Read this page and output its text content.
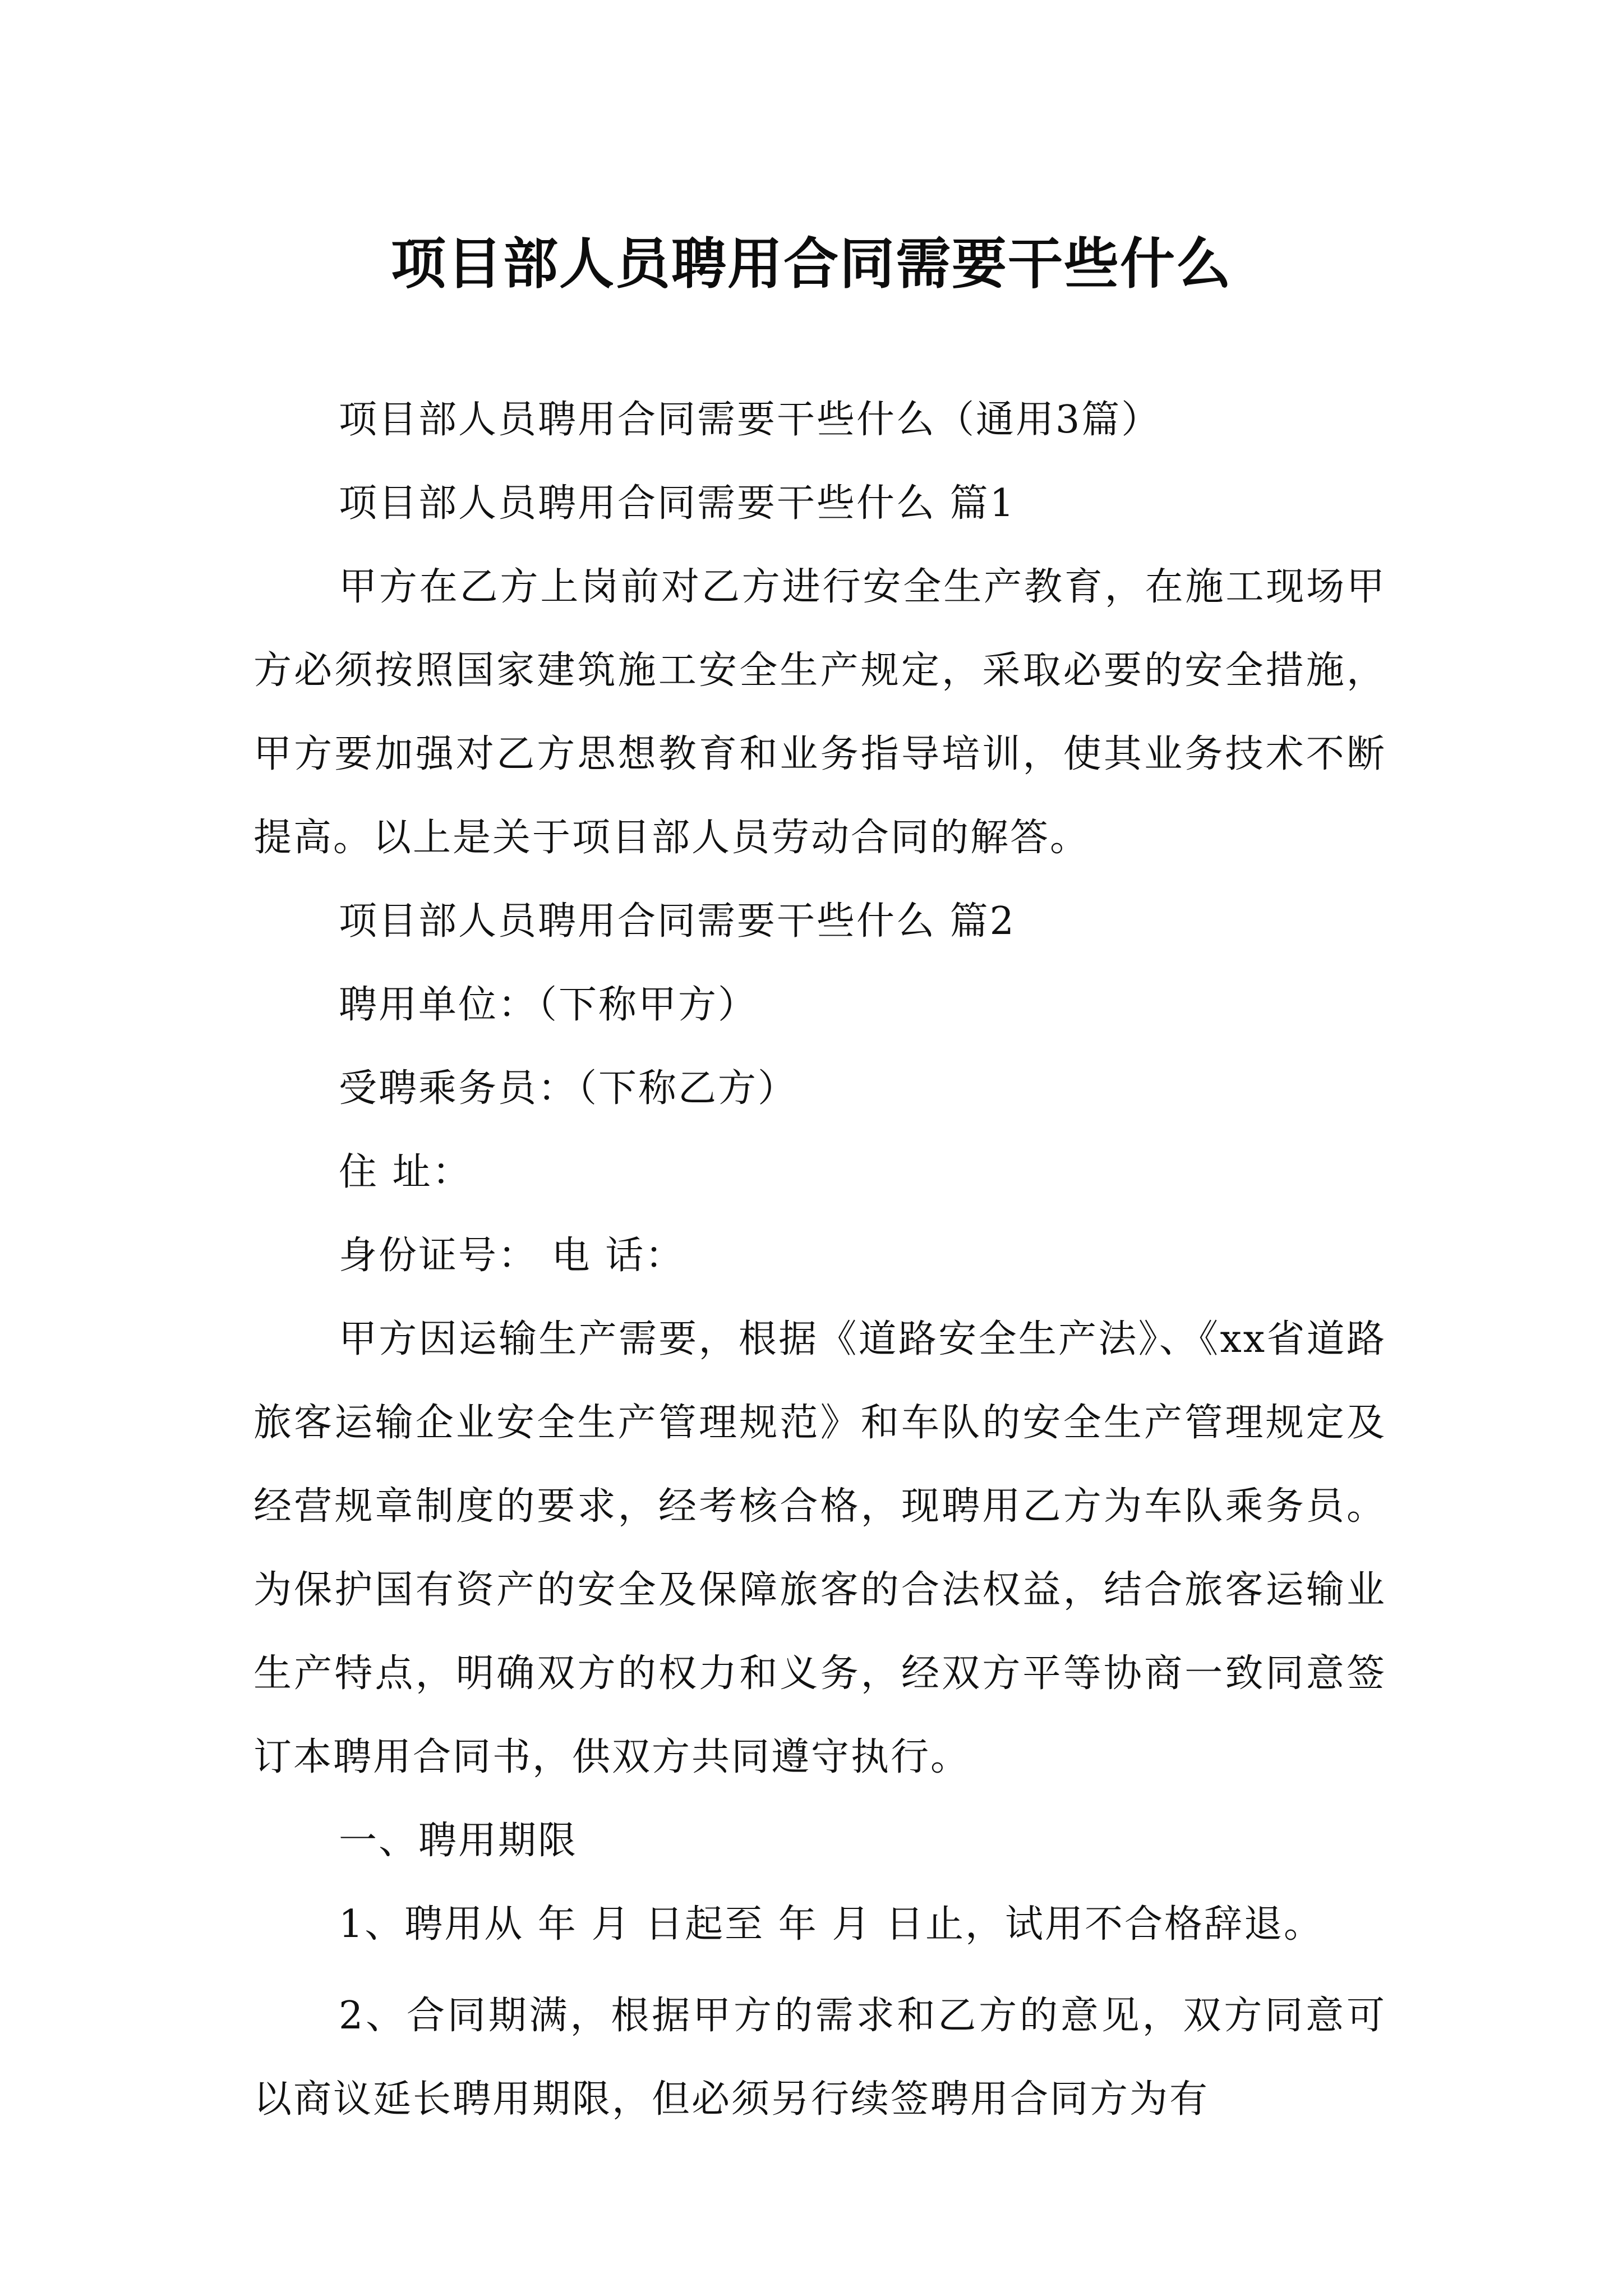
项目部人员聘用合同需要干些什么

项目部人员聘用合同需要干些什么（通用3篇）

项目部人员聘用合同需要干些什么 篇1

甲方在乙方上岗前对乙方进行安全生产教育，在施工现场甲方必须按照国家建筑施工安全生产规定，采取必要的安全措施，甲方要加强对乙方思想教育和业务指导培训，使其业务技术不断提高。以上是关于项目部人员劳动合同的解答。

项目部人员聘用合同需要干些什么 篇2

聘用单位：（下称甲方）

受聘乘务员：（下称乙方）

住 址：

身份证号： 电 话：

甲方因运输生产需要，根据《道路安全生产法》、《xx省道路旅客运输企业安全生产管理规范》和车队的安全生产管理规定及经营规章制度的要求，经考核合格，现聘用乙方为车队乘务员。为保护国有资产的安全及保障旅客的合法权益，结合旅客运输业生产特点，明确双方的权力和义务，经双方平等协商一致同意签订本聘用合同书，供双方共同遵守执行。

一、聘用期限

1、聘用从 年 月 日起至 年 月 日止，试用不合格辞退。

2、合同期满，根据甲方的需求和乙方的意见，双方同意可以商议延长聘用期限，但必须另行续签聘用合同方为有
